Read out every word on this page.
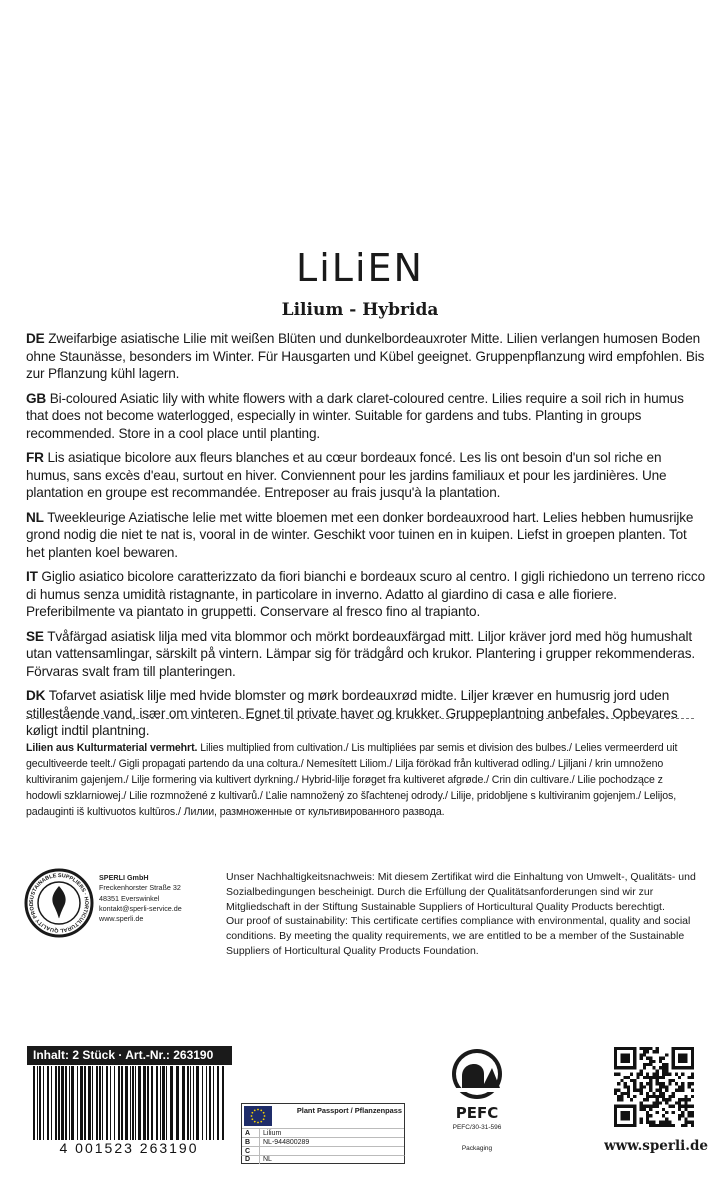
LiLiEN
Lilium - Hybrida

DE Zweifarbige asiatische Lilie mit weißen Blüten und dunkelbordeauxroter Mitte. Lilien verlangen humosen Boden ohne Staunässe, besonders im Winter. Für Hausgarten und Kübel geeignet. Gruppenpflanzung wird empfohlen. Bis zur Pflanzung kühl lagern.

GB Bi-coloured Asiatic lily with white flowers with a dark claret-coloured centre. Lilies require a soil rich in humus that does not become waterlogged, especially in winter. Suitable for gardens and tubs. Planting in groups recommended. Store in a cool place until planting.

FR Lis asiatique bicolore aux fleurs blanches et au cœur bordeaux foncé. Les lis ont besoin d'un sol riche en humus, sans excès d'eau, surtout en hiver. Conviennent pour les jardins familiaux et pour les jardinières. Une plantation en groupe est recommandée. Entreposer au frais jusqu'à la plantation.

NL Tweekleurige Aziatische lelie met witte bloemen met een donker bordeauxrood hart. Lelies hebben humusrijke grond nodig die niet te nat is, vooral in de winter. Geschikt voor tuinen en in kuipen. Liefst in groepen planten. Tot het planten koel bewaren.

IT Giglio asiatico bicolore caratterizzato da fiori bianchi e bordeaux scuro al centro. I gigli richiedono un terreno ricco di humus senza umidità ristagnante, in particolare in inverno. Adatto al giardino di casa e alle fioriere. Preferibilmente va piantato in gruppetti. Conservare al fresco fino al trapianto.

SE Tvåfärgad asiatisk lilja med vita blommor och mörkt bordeauxfärgad mitt. Liljor kräver jord med hög humushalt utan vattensamlingar, särskilt på vintern. Lämpar sig för trädgård och krukor. Plantering i grupper rekommenderas. Förvaras svalt fram till planteringen.

DK Tofarvet asiatisk lilje med hvide blomster og mørk bordeauxrød midte. Liljer kræver en humusrig jord uden stillestående vand, især om vinteren. Egnet til private haver og krukker. Gruppeplantning anbefales. Opbevares køligt indtil plantning.

Lilien aus Kulturmaterial vermehrt. Lilies multiplied from cultivation./ Lis multipliées par semis et division des bulbes./ Lelies vermeerderd uit gecultiveerde teelt./ Gigli propagati partendo da una coltura./ Nemesített Liliom./ Lilja förökad från kultiverad odling./ Ljiljani / krin umnoženo kultiviranim gajenjem./ Lilje formering via kultivert dyrkning./ Hybrid-lilje forøget fra kultiveret afgrøde./ Crin din cultivare./ Lilie pochodzące z hodowli szklarniowej./ Lilie rozmnožené z kultivarů./ Ľalie namnožený zo šľachtenej odrody./ Lilije, pridobljene s kultiviranim gojenjem./ Lelijos, padauginti iš kultivuotos kultūros./ Лилии, размноженные от культивированного развода.
SUSTAINABLE SUPPLIERS · HORTICULTURAL QUALITY PROD
SPERLI GmbH
Freckenhorster Straße 32
48351 Everswinkel
kontakt@sperli-service.de
www.sperli.de
Unser Nachhaltigkeitsnachweis: Mit diesem Zertifikat wird die Einhaltung von Umwelt-, Qualitäts- und Sozialbedingungen bescheinigt. Durch die Erfüllung der Qualitätsanforderungen sind wir zur Mitgliedschaft in der Stiftung Sustainable Suppliers of Horticultural Quality Products berechtigt.
Our proof of sustainability: This certificate certifies compliance with environmental, quality and social conditions. By meeting the quality requirements, we are entitled to be a member of the Sustainable Suppliers of Horticultural Quality Products Foundation.
Inhalt: 2 Stück · Art.-Nr.: 263190
4 001523 263190
Plant Passport / Pflanzenpass
A	Lilium
B	NL-944800289
C
D	NL
PEFC
PEFC/30-31-596
Packaging	www.sperli.de
